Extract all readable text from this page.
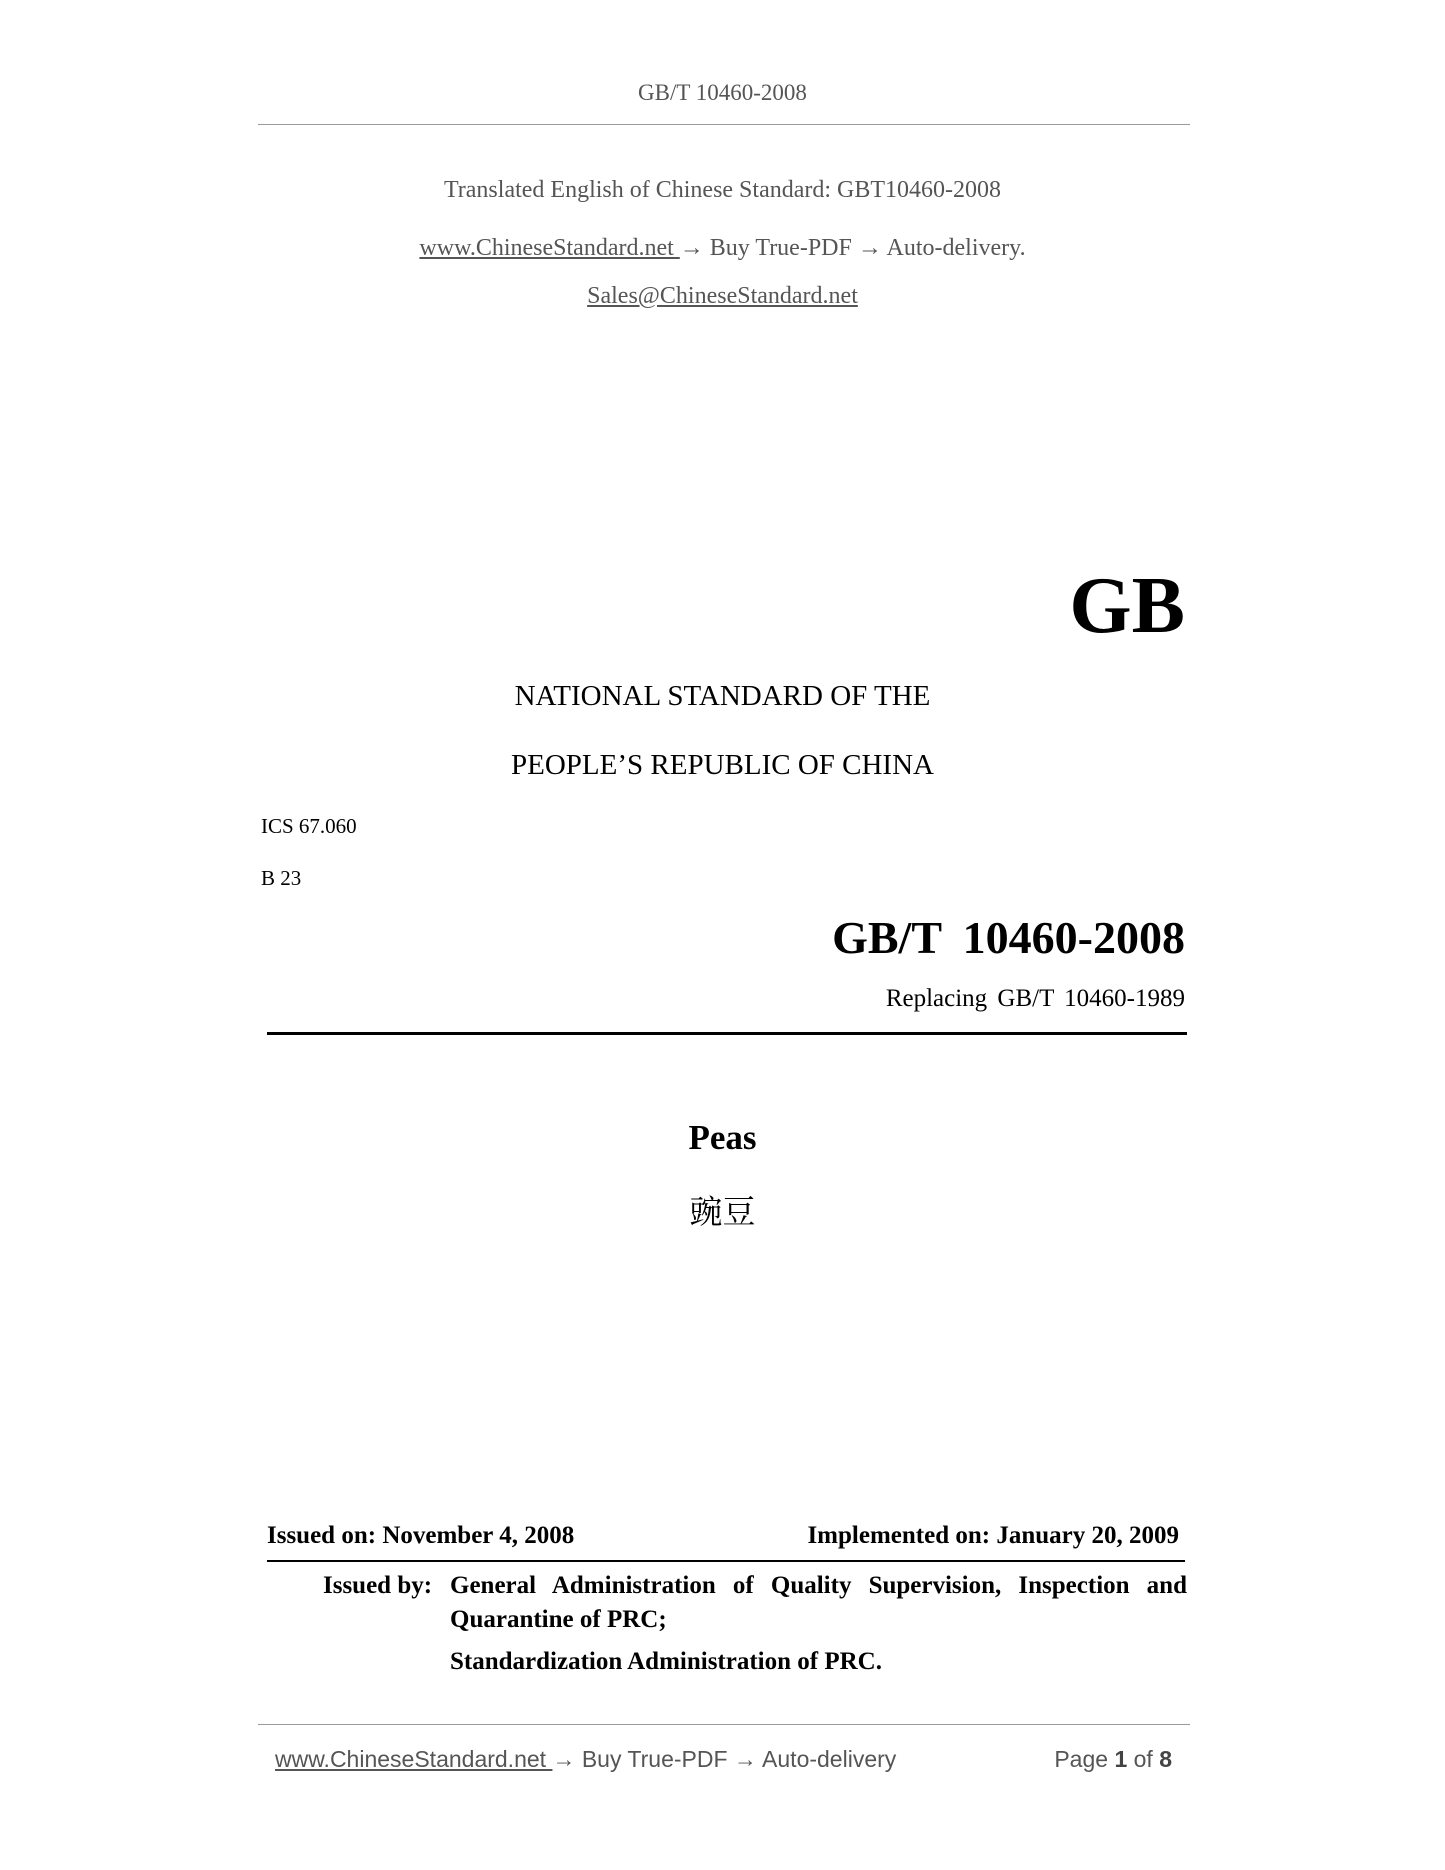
GB/T 10460-2008
Translated English of Chinese Standard: GBT10460-2008
www.ChineseStandard.net → Buy True-PDF → Auto-delivery.
Sales@ChineseStandard.net
GB
NATIONAL STANDARD OF THE
PEOPLE’S REPUBLIC OF CHINA
ICS 67.060
B 23
GB/T 10460-2008
Replacing GB/T 10460-1989
Peas
豌豆
Issued on: November 4, 2008	Implemented on: January 20, 2009
Issued by: General Administration of Quality Supervision, Inspection and
Quarantine of PRC;
Standardization Administration of PRC.
www.ChineseStandard.net → Buy True-PDF → Auto-delivery	Page 1 of 8
